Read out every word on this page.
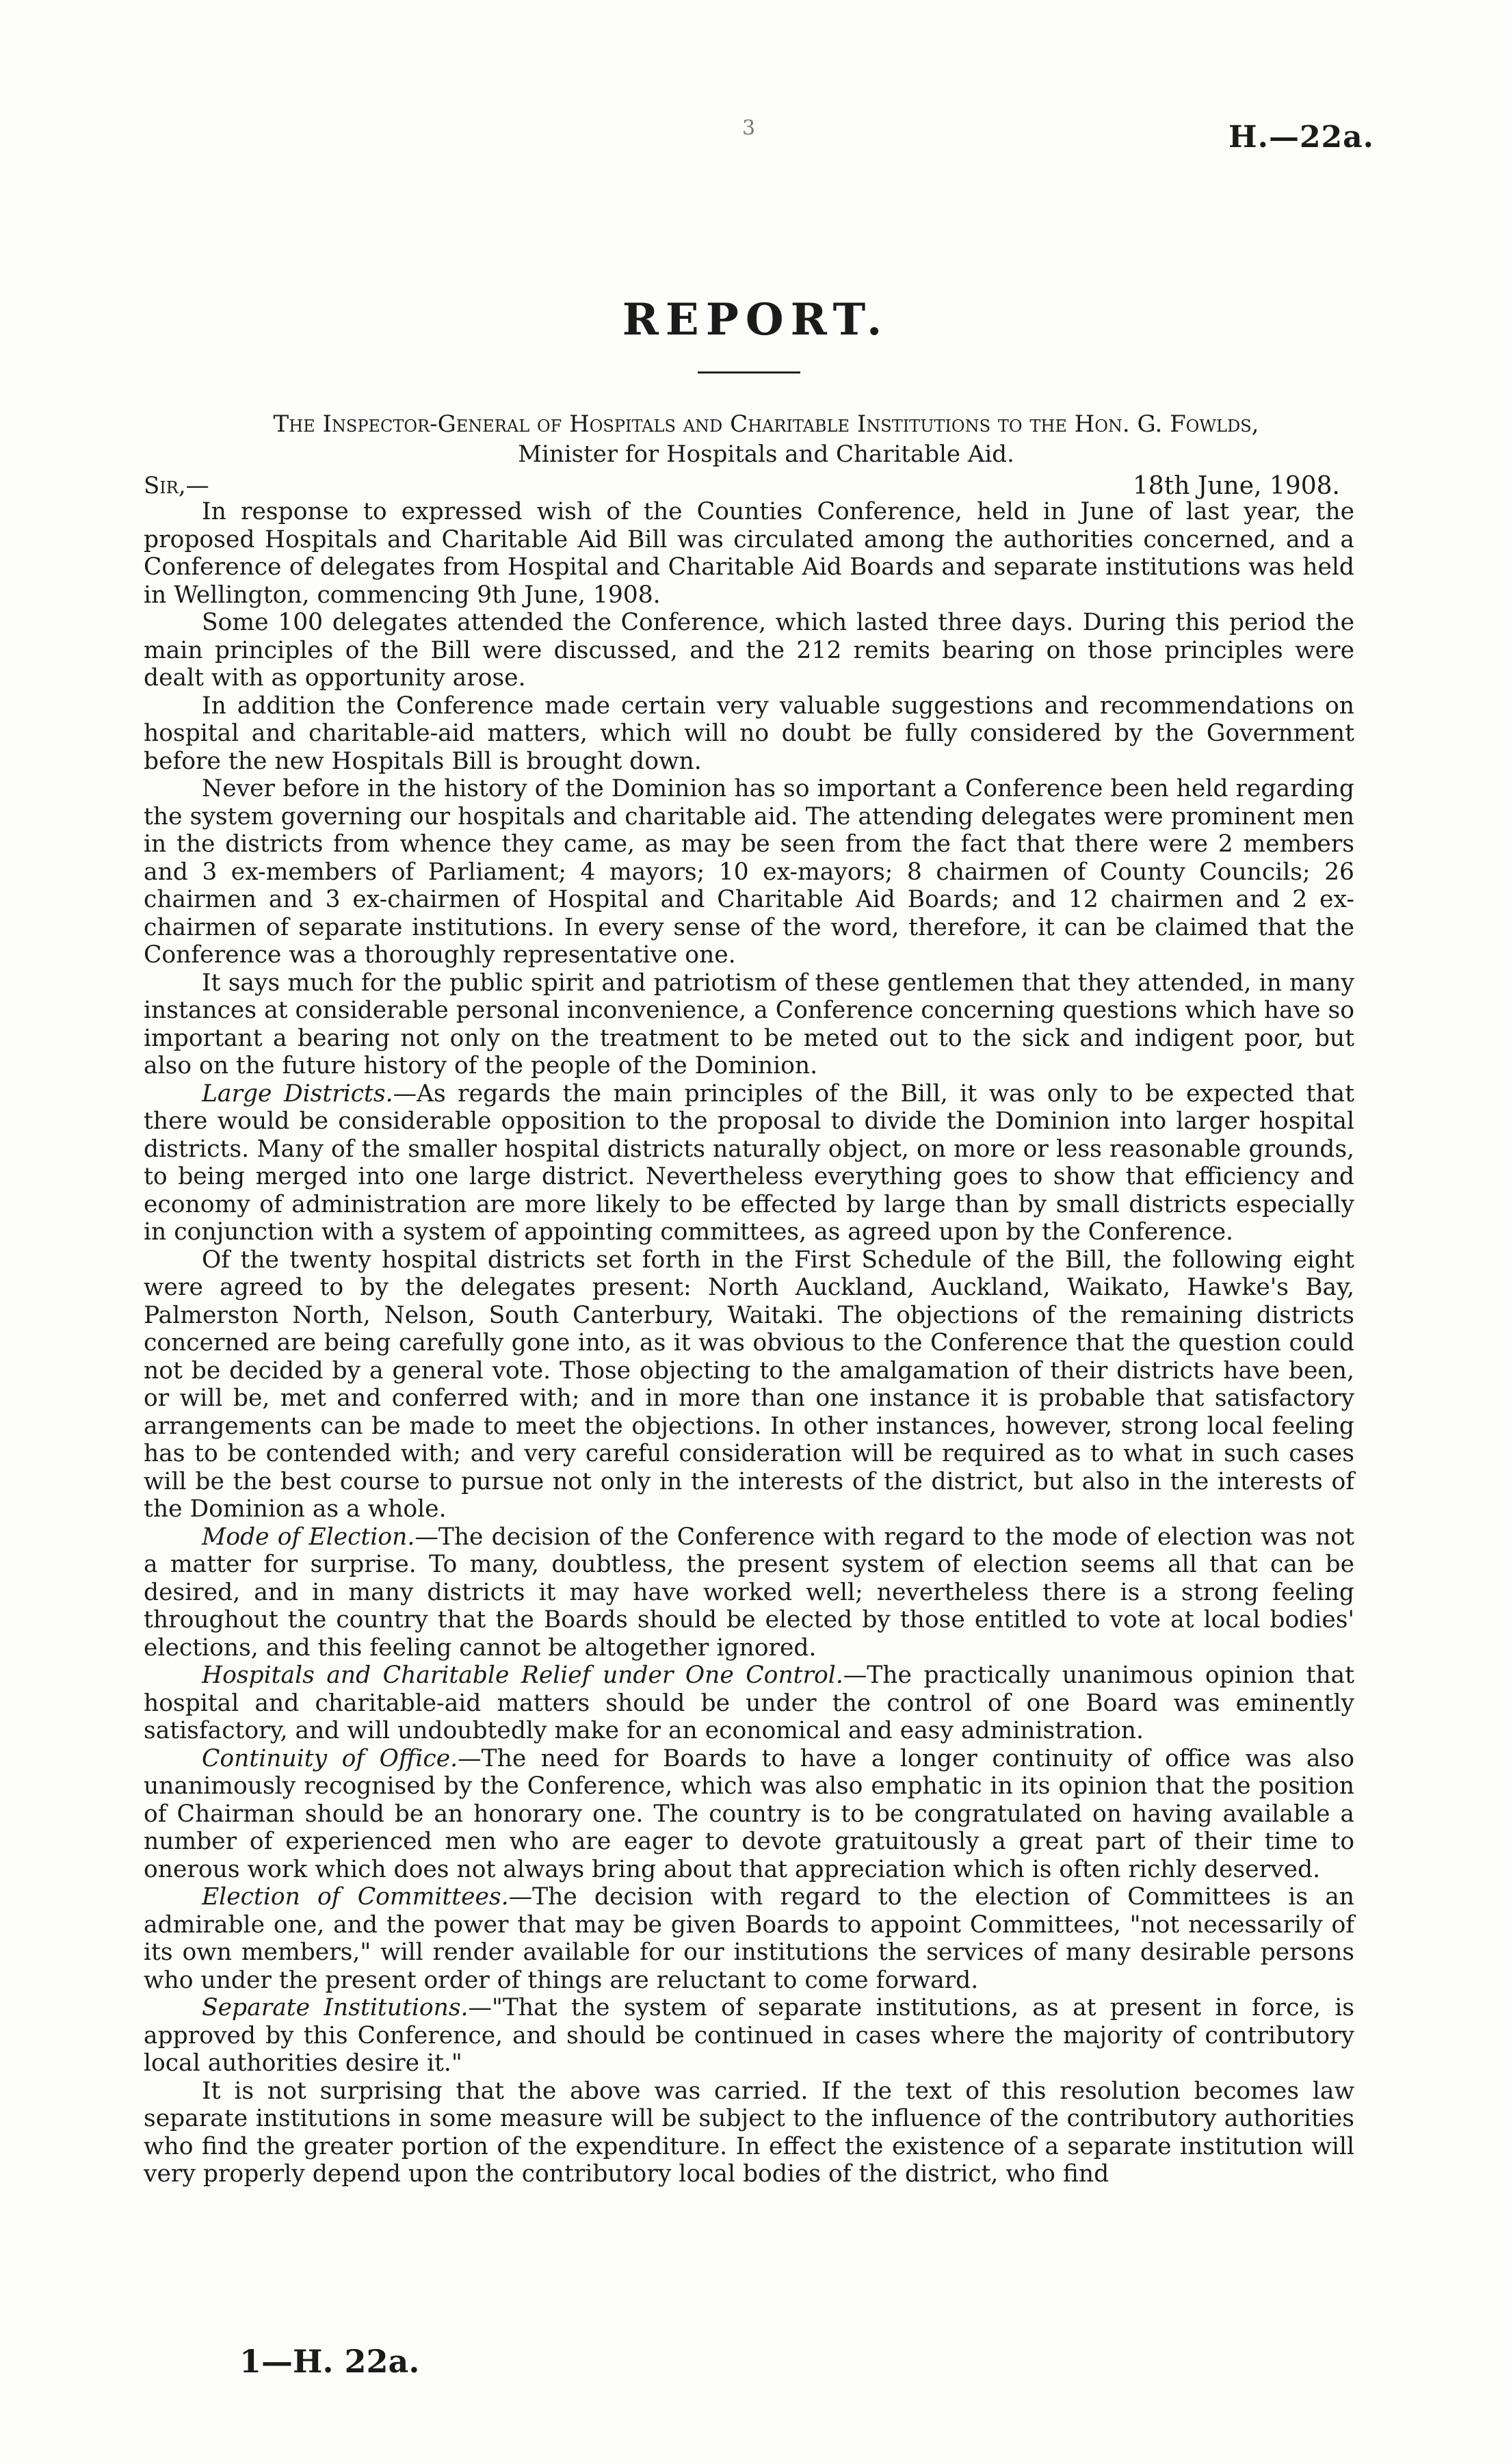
3	H.—22a.
REPORT.
The Inspector-General of Hospitals and Charitable Institutions to the Hon. G. Fowlds,
Minister for Hospitals and Charitable Aid.
Sir,—	18th June, 1908.

In response to expressed wish of the Counties Conference, held in June of last year, the proposed Hospitals and Charitable Aid Bill was circulated among the authorities concerned, and a Conference of delegates from Hospital and Charitable Aid Boards and separate institutions was held in Wellington, commencing 9th June, 1908.

Some 100 delegates attended the Conference, which lasted three days. During this period the main principles of the Bill were discussed, and the 212 remits bearing on those principles were dealt with as opportunity arose.

In addition the Conference made certain very valuable suggestions and recommendations on hospital and charitable-aid matters, which will no doubt be fully considered by the Government before the new Hospitals Bill is brought down.

Never before in the history of the Dominion has so important a Conference been held regarding the system governing our hospitals and charitable aid. The attending delegates were prominent men in the districts from whence they came, as may be seen from the fact that there were 2 members and 3 ex-members of Parliament; 4 mayors; 10 ex-mayors; 8 chairmen of County Councils; 26 chairmen and 3 ex-chairmen of Hospital and Charitable Aid Boards; and 12 chairmen and 2 ex-chairmen of separate institutions. In every sense of the word, therefore, it can be claimed that the Conference was a thoroughly representative one.

It says much for the public spirit and patriotism of these gentlemen that they attended, in many instances at considerable personal inconvenience, a Conference concerning questions which have so important a bearing not only on the treatment to be meted out to the sick and indigent poor, but also on the future history of the people of the Dominion.

Large Districts.—As regards the main principles of the Bill, it was only to be expected that there would be considerable opposition to the proposal to divide the Dominion into larger hospital districts. Many of the smaller hospital districts naturally object, on more or less reasonable grounds, to being merged into one large district. Nevertheless everything goes to show that efficiency and economy of administration are more likely to be effected by large than by small districts especially in conjunction with a system of appointing committees, as agreed upon by the Conference.

Of the twenty hospital districts set forth in the First Schedule of the Bill, the following eight were agreed to by the delegates present: North Auckland, Auckland, Waikato, Hawke's Bay, Palmerston North, Nelson, South Canterbury, Waitaki. The objections of the remaining districts concerned are being carefully gone into, as it was obvious to the Conference that the question could not be decided by a general vote. Those objecting to the amalgamation of their districts have been, or will be, met and conferred with; and in more than one instance it is probable that satisfactory arrangements can be made to meet the objections. In other instances, however, strong local feeling has to be contended with; and very careful consideration will be required as to what in such cases will be the best course to pursue not only in the interests of the district, but also in the interests of the Dominion as a whole.

Mode of Election.—The decision of the Conference with regard to the mode of election was not a matter for surprise. To many, doubtless, the present system of election seems all that can be desired, and in many districts it may have worked well; nevertheless there is a strong feeling throughout the country that the Boards should be elected by those entitled to vote at local bodies' elections, and this feeling cannot be altogether ignored.

Hospitals and Charitable Relief under One Control.—The practically unanimous opinion that hospital and charitable-aid matters should be under the control of one Board was eminently satisfactory, and will undoubtedly make for an economical and easy administration.

Continuity of Office.—The need for Boards to have a longer continuity of office was also unanimously recognised by the Conference, which was also emphatic in its opinion that the position of Chairman should be an honorary one. The country is to be congratulated on having available a number of experienced men who are eager to devote gratuitously a great part of their time to onerous work which does not always bring about that appreciation which is often richly deserved.

Election of Committees.—The decision with regard to the election of Committees is an admirable one, and the power that may be given Boards to appoint Committees, "not necessarily of its own members," will render available for our institutions the services of many desirable persons who under the present order of things are reluctant to come forward.

Separate Institutions.—"That the system of separate institutions, as at present in force, is approved by this Conference, and should be continued in cases where the majority of contributory local authorities desire it."

It is not surprising that the above was carried. If the text of this resolution becomes law separate institutions in some measure will be subject to the influence of the contributory authorities who find the greater portion of the expenditure. In effect the existence of a separate institution will very properly depend upon the contributory local bodies of the district, who find

1—H. 22a.
